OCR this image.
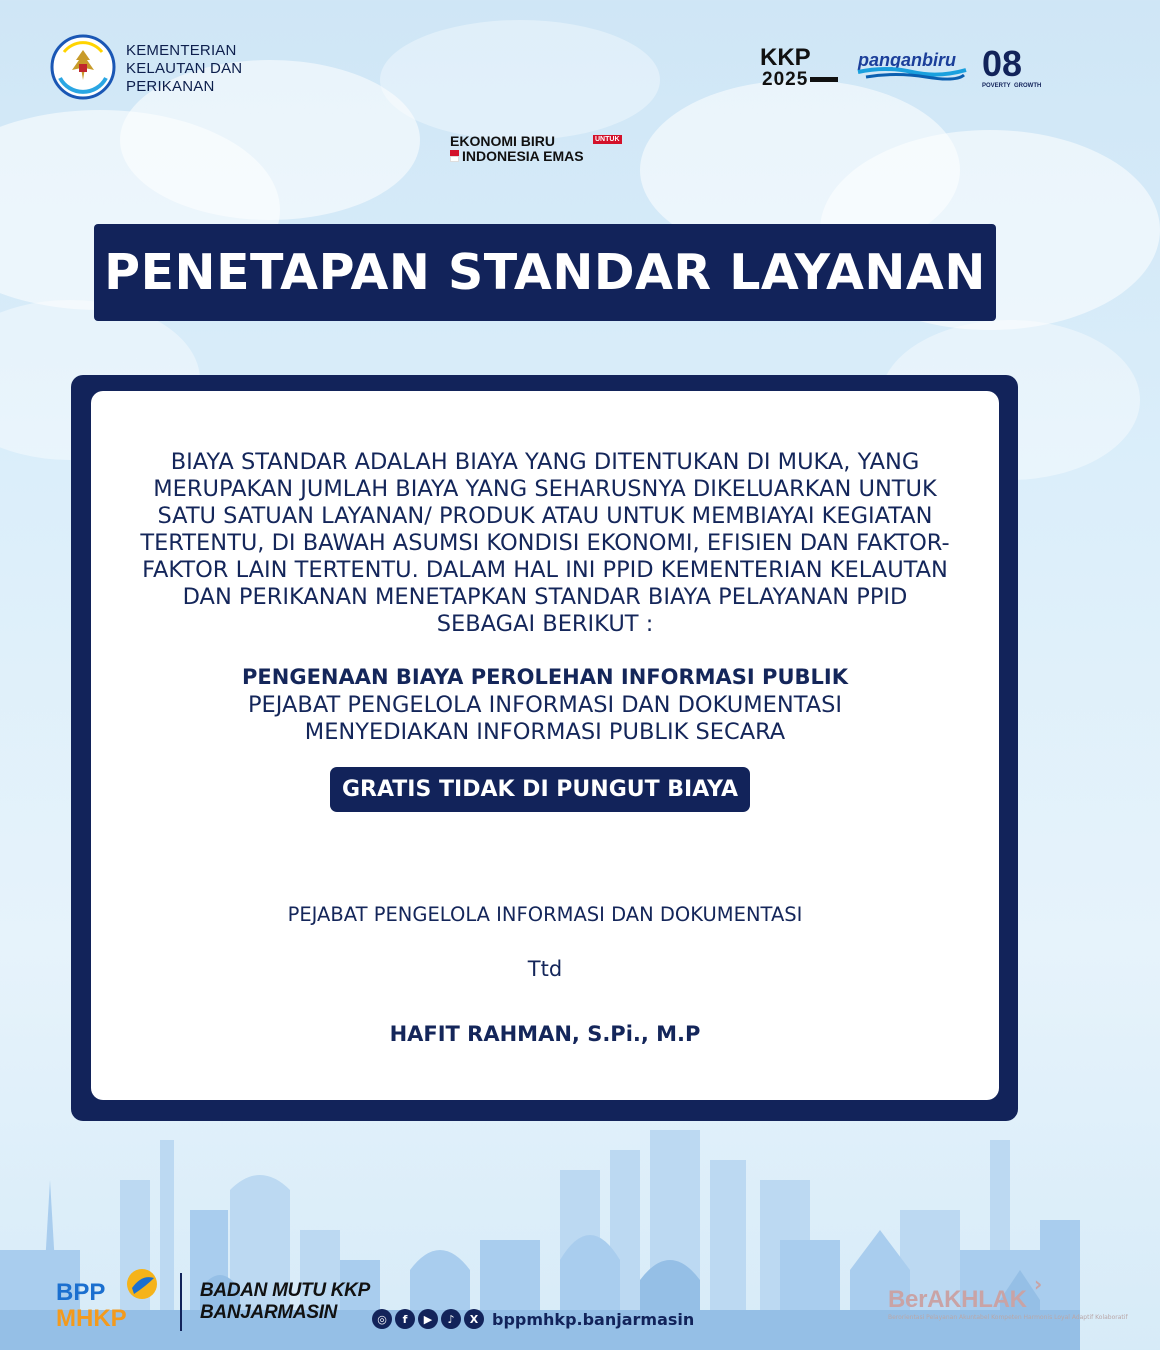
KEMENTERIAN
KELAUTAN DAN
PERIKANAN
KKP
2025
panganbiru 08
POVERTY GROWTH
EKONOMI BIRU	UNTUK
INDONESIA EMAS
PENETAPAN STANDAR LAYANAN

BIAYA STANDAR ADALAH BIAYA YANG DITENTUKAN DI MUKA, YANG MERUPAKAN JUMLAH BIAYA YANG SEHARUSNYA DIKELUARKAN UNTUK SATU SATUAN LAYANAN/ PRODUK ATAU UNTUK MEMBIAYAI KEGIATAN TERTENTU, DI BAWAH ASUMSI KONDISI EKONOMI, EFISIEN DAN FAKTOR-FAKTOR LAIN TERTENTU. DALAM HAL INI PPID KEMENTERIAN KELAUTAN DAN PERIKANAN MENETAPKAN STANDAR BIAYA PELAYANAN PPID SEBAGAI BERIKUT :

PENGENAAN BIAYA PEROLEHAN INFORMASI PUBLIK

PEJABAT PENGELOLA INFORMASI DAN DOKUMENTASI MENYEDIAKAN INFORMASI PUBLIK SECARA

GRATIS TIDAK DI PUNGUT BIAYA

PEJABAT PENGELOLA INFORMASI DAN DOKUMENTASI

Ttd

HAFIT RAHMAN, S.Pi., M.P

BPP
MHKP
BADAN MUTU KKP
BANJARMASIN	◎	f	▶	♪	X bppmhkp.banjarmasin
›
BerAKHLAK
Berorientasi Pelayanan Akuntabel Kompeten Harmonis Loyal Adaptif Kolaboratif
